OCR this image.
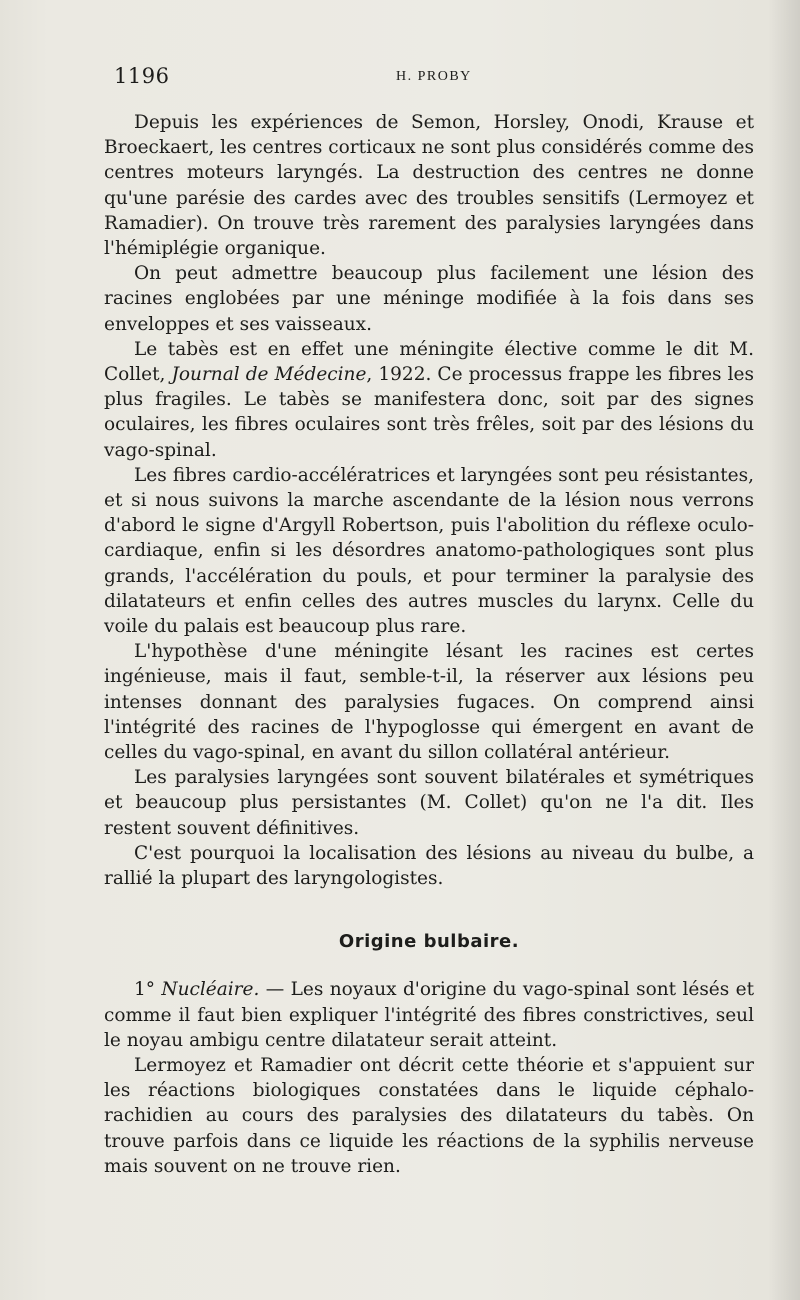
1196	H. PROBY

Depuis les expériences de Semon, Horsley, Onodi, Krause et Broeckaert, les centres corticaux ne sont plus considérés comme des centres moteurs laryngés. La destruction des centres ne donne qu'une parésie des cardes avec des troubles sensitifs (Lermoyez et Ramadier). On trouve très rarement des paralysies laryngées dans l'hémiplégie organique.

On peut admettre beaucoup plus facilement une lésion des racines englobées par une méninge modifiée à la fois dans ses enveloppes et ses vaisseaux.

Le tabès est en effet une méningite élective comme le dit M. Collet, Journal de Médecine, 1922. Ce processus frappe les fibres les plus fragiles. Le tabès se manifestera donc, soit par des signes oculaires, les fibres oculaires sont très frêles, soit par des lésions du vago-spinal.

Les fibres cardio-accélératrices et laryngées sont peu résistantes, et si nous suivons la marche ascendante de la lésion nous verrons d'abord le signe d'Argyll Robertson, puis l'abolition du réflexe oculo-cardiaque, enfin si les désordres anatomo-pathologiques sont plus grands, l'accélération du pouls, et pour terminer la paralysie des dilatateurs et enfin celles des autres muscles du larynx. Celle du voile du palais est beaucoup plus rare.

L'hypothèse d'une méningite lésant les racines est certes ingénieuse, mais il faut, semble-t-il, la réserver aux lésions peu intenses donnant des paralysies fugaces. On comprend ainsi l'intégrité des racines de l'hypoglosse qui émergent en avant de celles du vago-spinal, en avant du sillon collatéral antérieur.

Les paralysies laryngées sont souvent bilatérales et symétriques et beaucoup plus persistantes (M. Collet) qu'on ne l'a dit. Iles restent souvent définitives.

C'est pourquoi la localisation des lésions au niveau du bulbe, a rallié la plupart des laryngologistes.

Origine bulbaire.

1° Nucléaire. — Les noyaux d'origine du vago-spinal sont lésés et comme il faut bien expliquer l'intégrité des fibres constrictives, seul le noyau ambigu centre dilatateur serait atteint.

Lermoyez et Ramadier ont décrit cette théorie et s'appuient sur les réactions biologiques constatées dans le liquide céphalo-rachidien au cours des paralysies des dilatateurs du tabès. On trouve parfois dans ce liquide les réactions de la syphilis nerveuse mais souvent on ne trouve rien.
